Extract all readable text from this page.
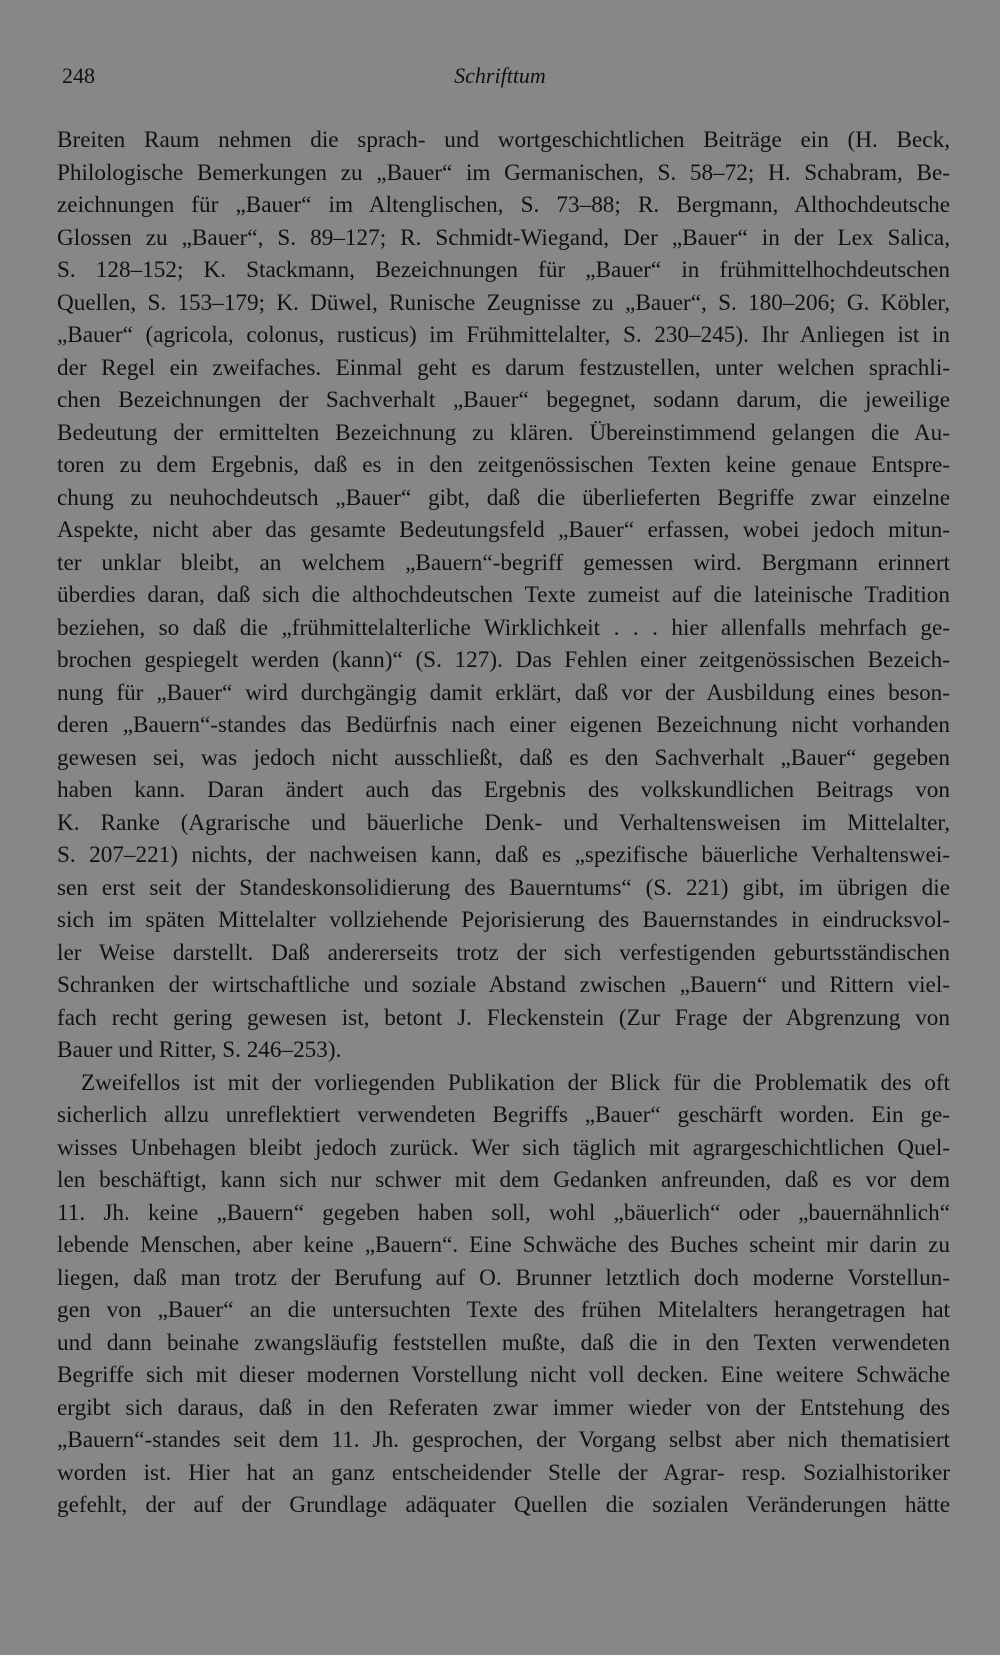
248	Schrifttum
Breiten Raum nehmen die sprach- und wortgeschichtlichen Beiträge ein (H. Beck,
Philologische Bemerkungen zu „Bauer“ im Germanischen, S. 58–72; H. Schabram, Be-
zeichnungen für „Bauer“ im Altenglischen, S. 73–88; R. Bergmann, Althochdeutsche
Glossen zu „Bauer“, S. 89–127; R. Schmidt-Wiegand, Der „Bauer“ in der Lex Salica,
S. 128–152; K. Stackmann, Bezeichnungen für „Bauer“ in frühmittelhochdeutschen
Quellen, S. 153–179; K. Düwel, Runische Zeugnisse zu „Bauer“, S. 180–206; G. Köbler,
„Bauer“ (agricola, colonus, rusticus) im Frühmittelalter, S. 230–245). Ihr Anliegen ist in
der Regel ein zweifaches. Einmal geht es darum festzustellen, unter welchen sprachli-
chen Bezeichnungen der Sachverhalt „Bauer“ begegnet, sodann darum, die jeweilige
Bedeutung der ermittelten Bezeichnung zu klären. Übereinstimmend gelangen die Au-
toren zu dem Ergebnis, daß es in den zeitgenössischen Texten keine genaue Entspre-
chung zu neuhochdeutsch „Bauer“ gibt, daß die überlieferten Begriffe zwar einzelne
Aspekte, nicht aber das gesamte Bedeutungsfeld „Bauer“ erfassen, wobei jedoch mitun-
ter unklar bleibt, an welchem „Bauern“-begriff gemessen wird. Bergmann erinnert
überdies daran, daß sich die althochdeutschen Texte zumeist auf die lateinische Tradition
beziehen, so daß die „frühmittelalterliche Wirklichkeit . . . hier allenfalls mehrfach ge-
brochen gespiegelt werden (kann)“ (S. 127). Das Fehlen einer zeitgenössischen Bezeich-
nung für „Bauer“ wird durchgängig damit erklärt, daß vor der Ausbildung eines beson-
deren „Bauern“-standes das Bedürfnis nach einer eigenen Bezeichnung nicht vorhanden
gewesen sei, was jedoch nicht ausschließt, daß es den Sachverhalt „Bauer“ gegeben
haben kann. Daran ändert auch das Ergebnis des volkskundlichen Beitrags von
K. Ranke (Agrarische und bäuerliche Denk- und Verhaltensweisen im Mittelalter,
S. 207–221) nichts, der nachweisen kann, daß es „spezifische bäuerliche Verhaltenswei-
sen erst seit der Standeskonsolidierung des Bauerntums“ (S. 221) gibt, im übrigen die
sich im späten Mittelalter vollziehende Pejorisierung des Bauernstandes in eindrucksvol-
ler Weise darstellt. Daß andererseits trotz der sich verfestigenden geburtsständischen
Schranken der wirtschaftliche und soziale Abstand zwischen „Bauern“ und Rittern viel-
fach recht gering gewesen ist, betont J. Fleckenstein (Zur Frage der Abgrenzung von
Bauer und Ritter, S. 246–253).
Zweifellos ist mit der vorliegenden Publikation der Blick für die Problematik des oft
sicherlich allzu unreflektiert verwendeten Begriffs „Bauer“ geschärft worden. Ein ge-
wisses Unbehagen bleibt jedoch zurück. Wer sich täglich mit agrargeschichtlichen Quel-
len beschäftigt, kann sich nur schwer mit dem Gedanken anfreunden, daß es vor dem
11. Jh. keine „Bauern“ gegeben haben soll, wohl „bäuerlich“ oder „bauernähnlich“
lebende Menschen, aber keine „Bauern“. Eine Schwäche des Buches scheint mir darin zu
liegen, daß man trotz der Berufung auf O. Brunner letztlich doch moderne Vorstellun-
gen von „Bauer“ an die untersuchten Texte des frühen Mitelalters herangetragen hat
und dann beinahe zwangsläufig feststellen mußte, daß die in den Texten verwendeten
Begriffe sich mit dieser modernen Vorstellung nicht voll decken. Eine weitere Schwäche
ergibt sich daraus, daß in den Referaten zwar immer wieder von der Entstehung des
„Bauern“-standes seit dem 11. Jh. gesprochen, der Vorgang selbst aber nich thematisiert
worden ist. Hier hat an ganz entscheidender Stelle der Agrar- resp. Sozialhistoriker
gefehlt, der auf der Grundlage adäquater Quellen die sozialen Veränderungen hätte
